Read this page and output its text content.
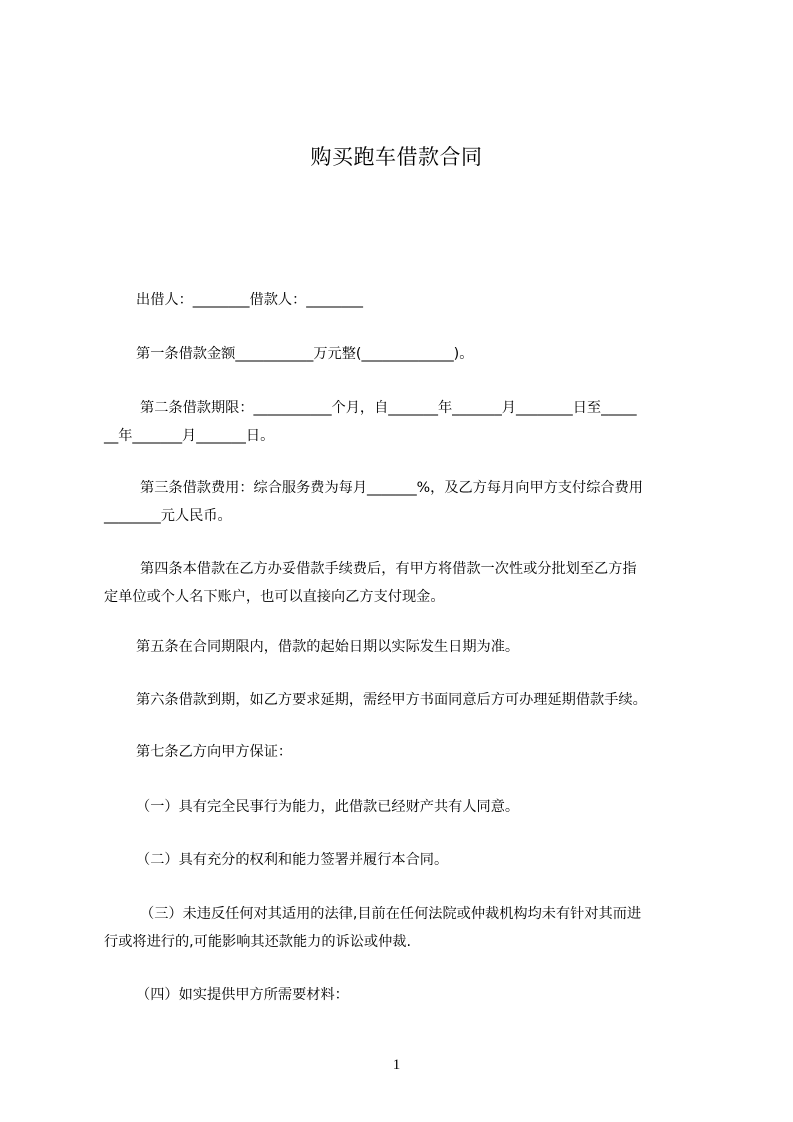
购买跑车借款合同

出借人：________借款人：________

第一条借款金额___________万元整(_____________)。

第二条借款期限：___________个月，自_______年_______月________日至_____
__年_______月_______日。

第三条借款费用：综合服务费为每月_______%，及乙方每月向甲方支付综合费用
________元人民币。

第四条本借款在乙方办妥借款手续费后，有甲方将借款一次性或分批划至乙方指
定单位或个人名下账户，也可以直接向乙方支付现金。

第五条在合同期限内，借款的起始日期以实际发生日期为准。

第六条借款到期，如乙方要求延期，需经甲方书面同意后方可办理延期借款手续。

第七条乙方向甲方保证：

（一）具有完全民事行为能力，此借款已经财产共有人同意。

（二）具有充分的权利和能力签署并履行本合同。

（三）未违反任何对其适用的法律,目前在任何法院或仲裁机构均未有针对其而进
行或将进行的,可能影响其还款能力的诉讼或仲裁.

（四）如实提供甲方所需要材料：

1
